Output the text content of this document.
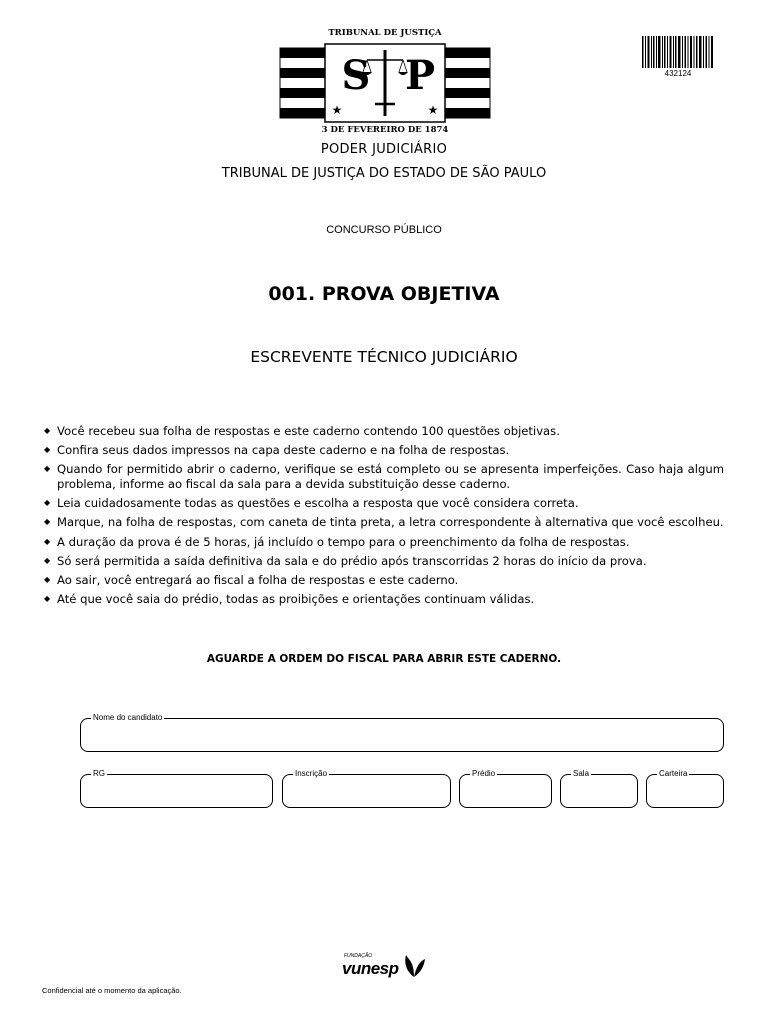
TRIBUNAL DE JUSTIÇA
★	★
S P
3 DE FEVEREIRO DE 1874
432124
PODER JUDICIÁRIO
TRIBUNAL DE JUSTIÇA DO ESTADO DE SÃO PAULO
CONCURSO PÚBLICO
001. PROVA OBJETIVA
ESCREVENTE TÉCNICO JUDICIÁRIO
◆ Você recebeu sua folha de respostas e este caderno contendo 100 questões objetivas.
◆ Confira seus dados impressos na capa deste caderno e na folha de respostas.
◆ Quando for permitido abrir o caderno, verifique se está completo ou se apresenta imperfeições. Caso haja algum problema, informe ao fiscal da sala para a devida substituição desse caderno.
◆ Leia cuidadosamente todas as questões e escolha a resposta que você considera correta.
◆ Marque, na folha de respostas, com caneta de tinta preta, a letra correspondente à alternativa que você escolheu.
◆ A duração da prova é de 5 horas, já incluído o tempo para o preenchimento da folha de respostas.
◆ Só será permitida a saída definitiva da sala e do prédio após transcorridas 2 horas do início da prova.
◆ Ao sair, você entregará ao fiscal a folha de respostas e este caderno.
◆ Até que você saia do prédio, todas as proibições e orientações continuam válidas.
AGUARDE A ORDEM DO FISCAL PARA ABRIR ESTE CADERNO.
Nome do candidato
RG	Inscrição	Prédio	Sala	Carteira
FUNDAÇÃO
vunesp
Confidencial até o momento da aplicação.
